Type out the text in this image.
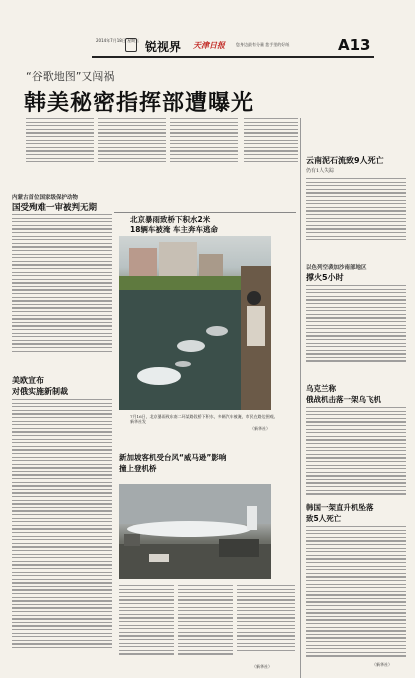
2014年7月18日 星期五 锐视界 天津日报	您身边最有分量 您手里的好纸	A13
“谷歌地图”又闯祸
韩美秘密指挥部遭曝光
内蒙古首位国家级保护动物
国受殉难一审被判无期
美欧宣布
对俄实施新制裁
北京暴雨致桥下积水2米
18辆车被淹 车主奔车逃命
7月16日，北京暴雨致东南二环某路段桥下积水，多辆汽车被淹，市民在路边围观。新华社发
（新华社）
新加坡客机受台风“威马逊”影响
撞上登机桥
（新华社）
云南泥石流致9人死亡
仍有1人失踪
以色列空袭加沙南部地区
撑火5小时
乌克兰称
俄战机击落一架乌飞机
韩国一架直升机坠落
致5人死亡
（新华社）
